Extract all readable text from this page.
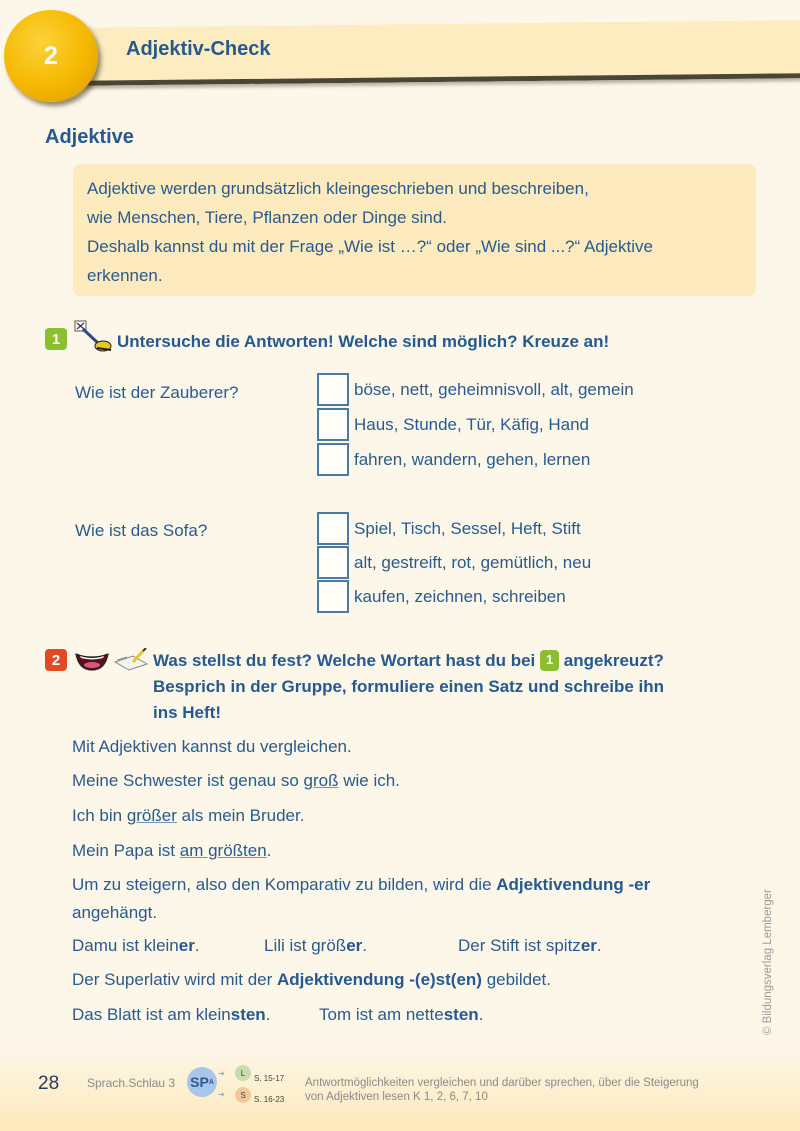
2	Adjektiv-Check
Adjektive

Adjektive werden grundsätzlich kleingeschrieben und beschreiben,

wie Menschen, Tiere, Pflanzen oder Dinge sind.

Deshalb kannst du mit der Frage „Wie ist …?“ oder „Wie sind ...?“ Adjektive

erkennen.

1	Untersuche die Antworten! Welche sind möglich? Kreuze an!
Wie ist der Zauberer?	böse, nett, geheimnisvoll, alt, gemein
Haus, Stunde, Tür, Käfig, Hand
fahren, wandern, gehen, lernen
Wie ist das Sofa?	Spiel, Tisch, Sessel, Heft, Stift
alt, gestreift, rot, gemütlich, neu
kaufen, zeichnen, schreiben
2	Was stellst du fest? Welche Wortart hast du bei 1 angekreuzt?
Besprich in der Gruppe, formuliere einen Satz und schreibe ihn
ins Heft!
Mit Adjektiven kannst du vergleichen.
Meine Schwester ist genau so groß wie ich.
Ich bin größer als mein Bruder.
Mein Papa ist am größten.
Um zu steigern, also den Komparativ zu bilden, wird die Adjektivendung -er
angehängt.
Damu ist kleiner.	Lili ist größer.	Der Stift ist spitzer.
Der Superlativ wird mit der Adjektivendung -(e)st(en) gebildet.
Das Blatt ist am kleinsten.	Tom ist am nettesten.	© Bildungsverlag Lemberger
28 Sprach.Schlau 3 SP A
➔
➔
L
S
S. 15-17
S. 16-23
Antwortmöglichkeiten vergleichen und darüber sprechen, über die Steigerung
von Adjektiven lesen K 1, 2, 6, 7, 10
